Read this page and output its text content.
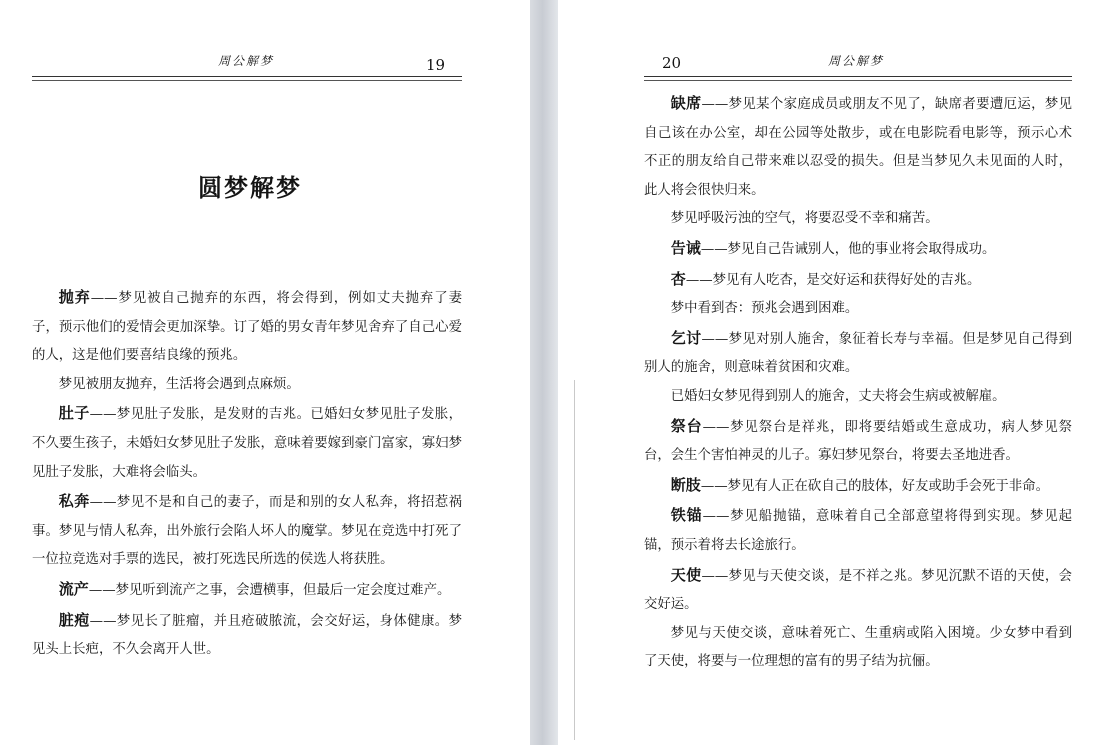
周公解梦	19
圆梦解梦

抛弃——梦见被自己抛弃的东西，将会得到，例如丈夫抛弃了妻子，预示他们的爱情会更加深挚。订了婚的男女青年梦见舍弃了自己心爱的人，这是他们要喜结良缘的预兆。

梦见被朋友抛弃，生活将会遇到点麻烦。

肚子——梦见肚子发胀，是发财的吉兆。已婚妇女梦见肚子发胀，不久要生孩子，未婚妇女梦见肚子发胀，意味着要嫁到豪门富家，寡妇梦见肚子发胀，大难将会临头。

私奔——梦见不是和自己的妻子，而是和别的女人私奔，将招惹祸事。梦见与情人私奔，出外旅行会陷人坏人的魔掌。梦见在竞选中打死了一位拉竞选对手票的选民，被打死选民所选的侯选人将获胜。

流产——梦见听到流产之事，会遭横事，但最后一定会度过难产。

脏疱——梦见长了脏瘤，并且疮破脓流，会交好运，身体健康。梦见头上长疤，不久会离开人世。

20	周公解梦

缺席——梦见某个家庭成员或朋友不见了，缺席者要遭厄运，梦见自己该在办公室，却在公园等处散步，或在电影院看电影等，预示心术不正的朋友给自己带来难以忍受的损失。但是当梦见久未见面的人时，此人将会很快归来。

梦见呼吸污浊的空气，将要忍受不幸和痛苦。

告诫——梦见自己告诫别人，他的事业将会取得成功。

杏——梦见有人吃杏，是交好运和获得好处的吉兆。

梦中看到杏：预兆会遇到困难。

乞讨——梦见对别人施舍，象征着长寿与幸福。但是梦见自己得到别人的施舍，则意味着贫困和灾难。

已婚妇女梦见得到别人的施舍，丈夫将会生病或被解雇。

祭台——梦见祭台是祥兆，即将要结婚或生意成功，病人梦见祭台，会生个害怕神灵的儿子。寡妇梦见祭台，将要去圣地进香。

断肢——梦见有人正在砍自己的肢体，好友或助手会死于非命。

铁锚——梦见船抛锚，意味着自己全部意望将得到实现。梦见起锚，预示着将去长途旅行。

天使——梦见与天使交谈，是不祥之兆。梦见沉默不语的天使，会交好运。

梦见与天使交谈，意味着死亡、生重病或陷入困境。少女梦中看到了天使，将要与一位理想的富有的男子结为抗俪。
